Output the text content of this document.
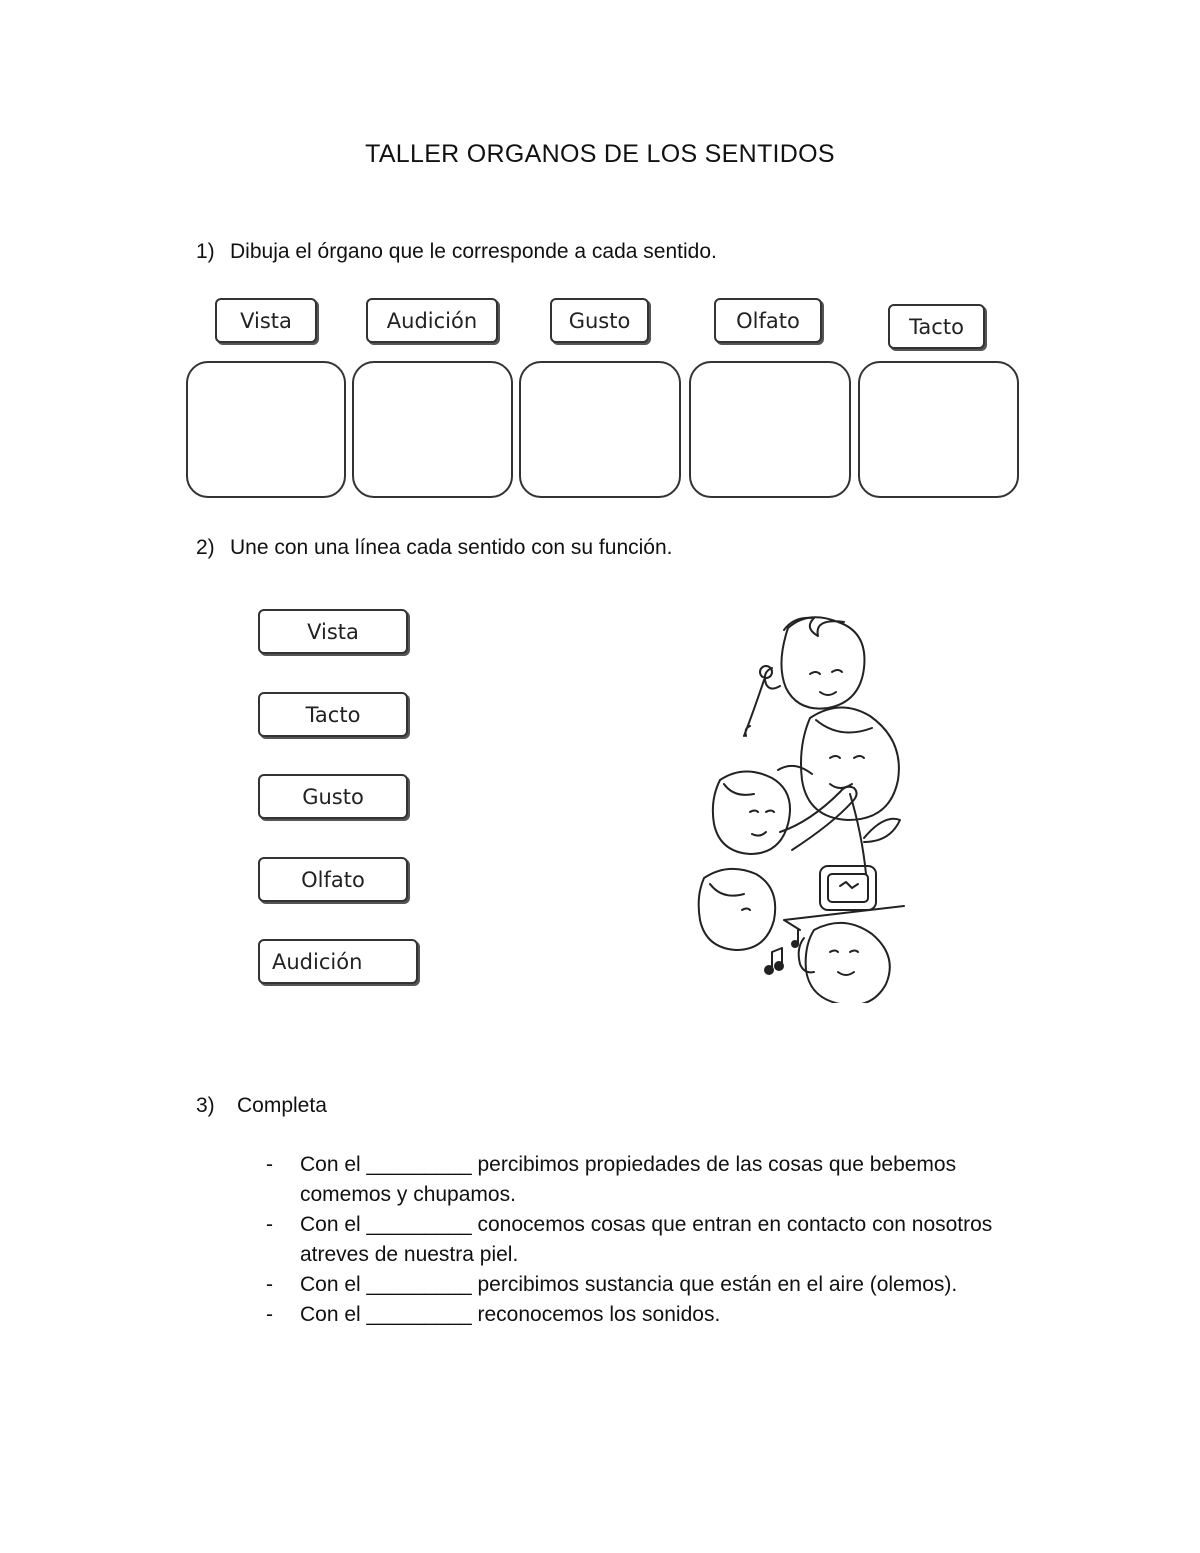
TALLER ORGANOS DE LOS SENTIDOS
1) Dibuja el órgano que le corresponde a cada sentido.
Vista	Audición	Gusto	Olfato	Tacto
2) Une con una línea cada sentido con su función.
Vista
Tacto
Gusto
Olfato
Audición
3) Completa
- Con el _________ percibimos propiedades de las cosas que bebemos comemos y chupamos.
- Con el _________ conocemos cosas que entran en contacto con nosotros atreves de nuestra piel.
- Con el _________ percibimos sustancia que están en el aire (olemos).
- Con el _________ reconocemos los sonidos.
